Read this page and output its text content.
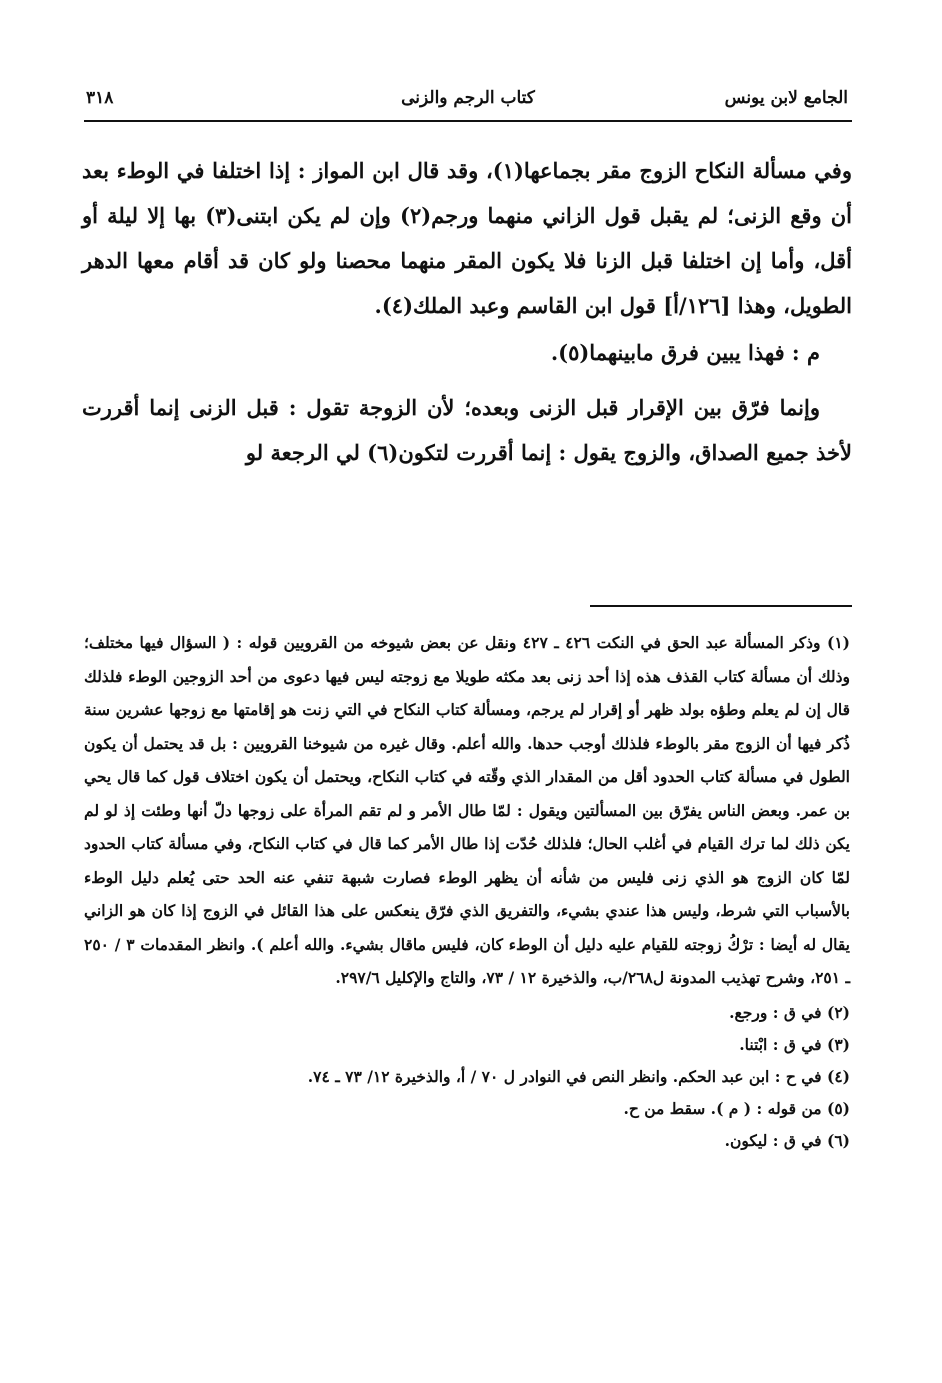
الجامع لابن يونس
كتاب الرجم والزنى
٣١٨

وفي مسألة النكاح الزوج مقر بجماعها(١)، وقد قال ابن المواز : إذا اختلفا في الوطء بعد أن وقع الزنى؛ لم يقبل قول الزاني منهما ورجم(٢) وإن لم يكن ابتنى(٣) بها إلا ليلة أو أقل، وأما إن اختلفا قبل الزنا فلا يكون المقر منهما محصنا ولو كان قد أقام معها الدهر الطويل، وهذا [١٢٦/أ] قول ابن القاسم وعبد الملك(٤).

م : فهذا يبين فرق مابينهما(٥).

وإنما فرّق بين الإقرار قبل الزنى وبعده؛ لأن الزوجة تقول : قبل الزنى إنما أقررت لأخذ جميع الصداق، والزوج يقول : إنما أقررت لتكون(٦) لي الرجعة لو

(١) وذكر المسألة عبد الحق في النكت ٤٢٦ ـ ٤٢٧ ونقل عن بعض شيوخه من القرويين قوله : ( السؤال فيها مختلف؛ وذلك أن مسألة كتاب القذف هذه إذا أحد زنى بعد مكثه طويلا مع زوجته ليس فيها دعوى من أحد الزوجين الوطء فلذلك قال إن لم يعلم وطؤه بولد ظهر أو إقرار لم يرجم، ومسألة كتاب النكاح في التي زنت هو إقامتها مع زوجها عشرين سنة ذُكر فيها أن الزوج مقر بالوطء فلذلك أوجب حدها. والله أعلم. وقال غيره من شيوخنا القرويين : بل قد يحتمل أن يكون الطول في مسألة كتاب الحدود أقل من المقدار الذي وقّته في كتاب النكاح، ويحتمل أن يكون اختلاف قول كما قال يحي بن عمر. وبعض الناس يفرّق بين المسألتين ويقول : لمّا طال الأمر و لم تقم المرأة على زوجها دلّ أنها وطئت إذ لو لم يكن ذلك لما ترك القيام في أغلب الحال؛ فلذلك حُدّت إذا طال الأمر كما قال في كتاب النكاح، وفي مسألة كتاب الحدود لمّا كان الزوج هو الذي زنى فليس من شأنه أن يظهر الوطء فصارت شبهة تنفي عنه الحد حتى يُعلم دليل الوطء بالأسباب التي شرط، وليس هذا عندي بشيء، والتفريق الذي فرّق ينعكس على هذا القائل في الزوج إذا كان هو الزاني يقال له أيضا : ترْكُ زوجته للقيام عليه دليل أن الوطء كان، فليس ماقال بشيء. والله أعلم ). وانظر المقدمات ٣ / ٢٥٠ ـ ٢٥١، وشرح تهذيب المدونة ل٢٦٨/ب، والذخيرة ١٢ / ٧٣، والتاج والإكليل ٢٩٧/٦.

(٢) في ق : ورجع.

(٣) في ق : ابْتنا.

(٤) في ح : ابن عبد الحكم. وانظر النص في النوادر ل ٧٠ / أ، والذخيرة ١٢/ ٧٣ ـ ٧٤.

(٥) من قوله : ( م ). سقط من ح.

(٦) في ق : ليكون.
